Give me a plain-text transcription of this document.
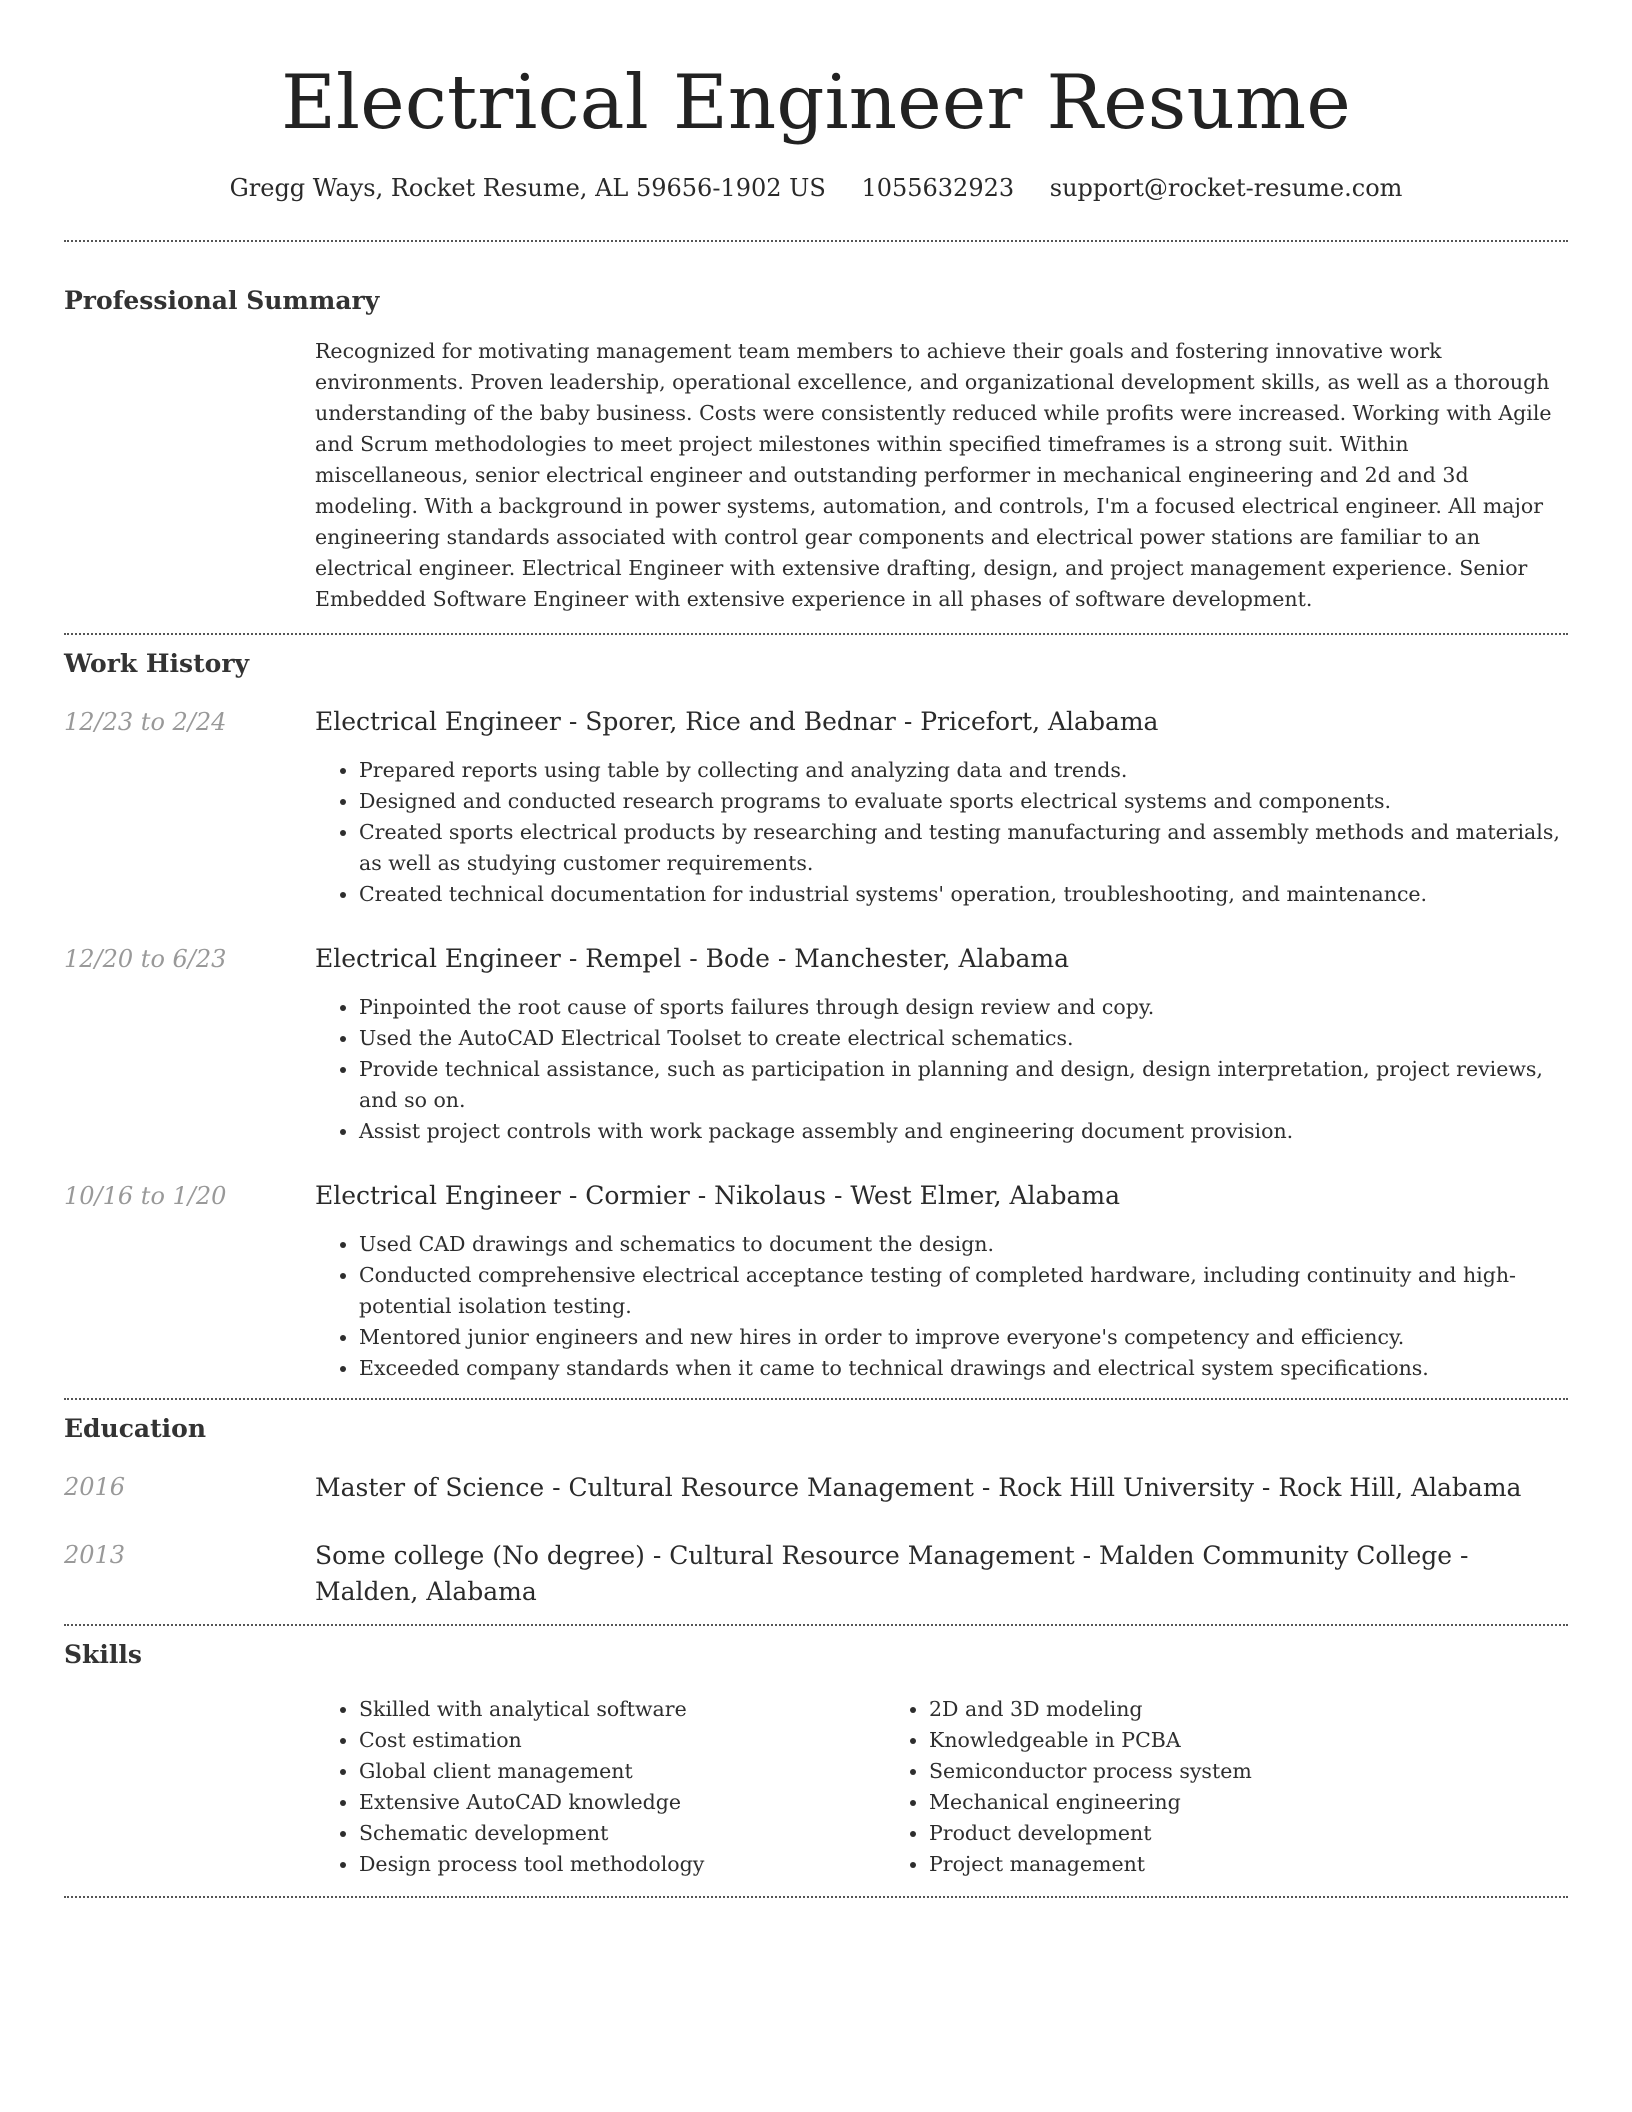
Electrical Engineer Resume
Gregg Ways, Rocket Resume, AL 59656-1902 US 1055632923 support@rocket-resume.com
Professional Summary

Recognized for motivating management team members to achieve their goals and fostering innovative work environments. Proven leadership, operational excellence, and organizational development skills, as well as a thorough understanding of the baby business. Costs were consistently reduced while profits were increased. Working with Agile and Scrum methodologies to meet project milestones within specified timeframes is a strong suit. Within miscellaneous, senior electrical engineer and outstanding performer in mechanical engineering and 2d and 3d modeling. With a background in power systems, automation, and controls, I'm a focused electrical engineer. All major engineering standards associated with control gear components and electrical power stations are familiar to an electrical engineer. Electrical Engineer with extensive drafting, design, and project management experience. Senior Embedded Software Engineer with extensive experience in all phases of software development.

Work History
12/23 to 2/24	Electrical Engineer - Sporer, Rice and Bednar - Pricefort, Alabama
• Prepared reports using table by collecting and analyzing data and trends.
• Designed and conducted research programs to evaluate sports electrical systems and components.
• Created sports electrical products by researching and testing manufacturing and assembly methods and materials, as well as studying customer requirements.
• Created technical documentation for industrial systems' operation, troubleshooting, and maintenance.
12/20 to 6/23	Electrical Engineer - Rempel - Bode - Manchester, Alabama
• Pinpointed the root cause of sports failures through design review and copy.
• Used the AutoCAD Electrical Toolset to create electrical schematics.
• Provide technical assistance, such as participation in planning and design, design interpretation, project reviews, and so on.
• Assist project controls with work package assembly and engineering document provision.
10/16 to 1/20	Electrical Engineer - Cormier - Nikolaus - West Elmer, Alabama
• Used CAD drawings and schematics to document the design.
• Conducted comprehensive electrical acceptance testing of completed hardware, including continuity and high-potential isolation testing.
• Mentored junior engineers and new hires in order to improve everyone's competency and efficiency.
• Exceeded company standards when it came to technical drawings and electrical system specifications.
Education
2016	Master of Science - Cultural Resource Management - Rock Hill University - Rock Hill, Alabama
2013	Some college (No degree) - Cultural Resource Management - Malden Community College - Malden, Alabama
Skills
• Skilled with analytical software
• Cost estimation
• Global client management
• Extensive AutoCAD knowledge
• Schematic development
• Design process tool methodology
• 2D and 3D modeling
• Knowledgeable in PCBA
• Semiconductor process system
• Mechanical engineering
• Product development
• Project management
